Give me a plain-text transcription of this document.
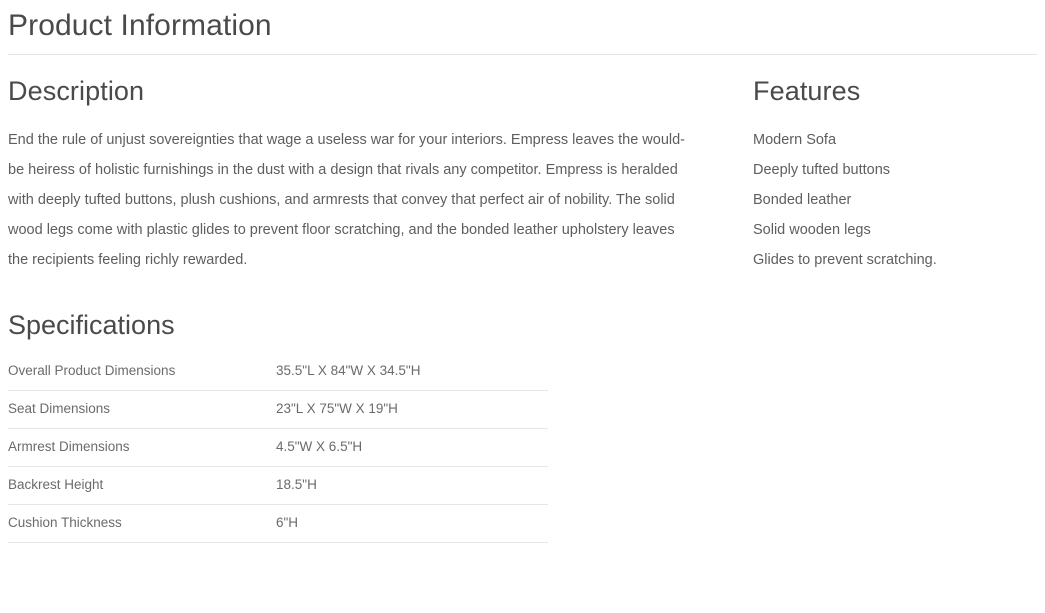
Product Information
Description

End the rule of unjust sovereignties that wage a useless war for your interiors. Empress leaves the would-be heiress of holistic furnishings in the dust with a design that rivals any competitor. Empress is heralded with deeply tufted buttons, plush cushions, and armrests that convey that perfect air of nobility. The solid wood legs come with plastic glides to prevent floor scratching, and the bonded leather upholstery leaves the recipients feeling richly rewarded.

Features
Modern Sofa
Deeply tufted buttons
Bonded leather
Solid wooden legs
Glides to prevent scratching.
Specifications
Overall Product Dimensions	35.5"L X 84"W X 34.5"H
Seat Dimensions	23"L X 75"W X 19"H
Armrest Dimensions	4.5"W X 6.5"H
Backrest Height	18.5"H
Cushion Thickness	6"H
